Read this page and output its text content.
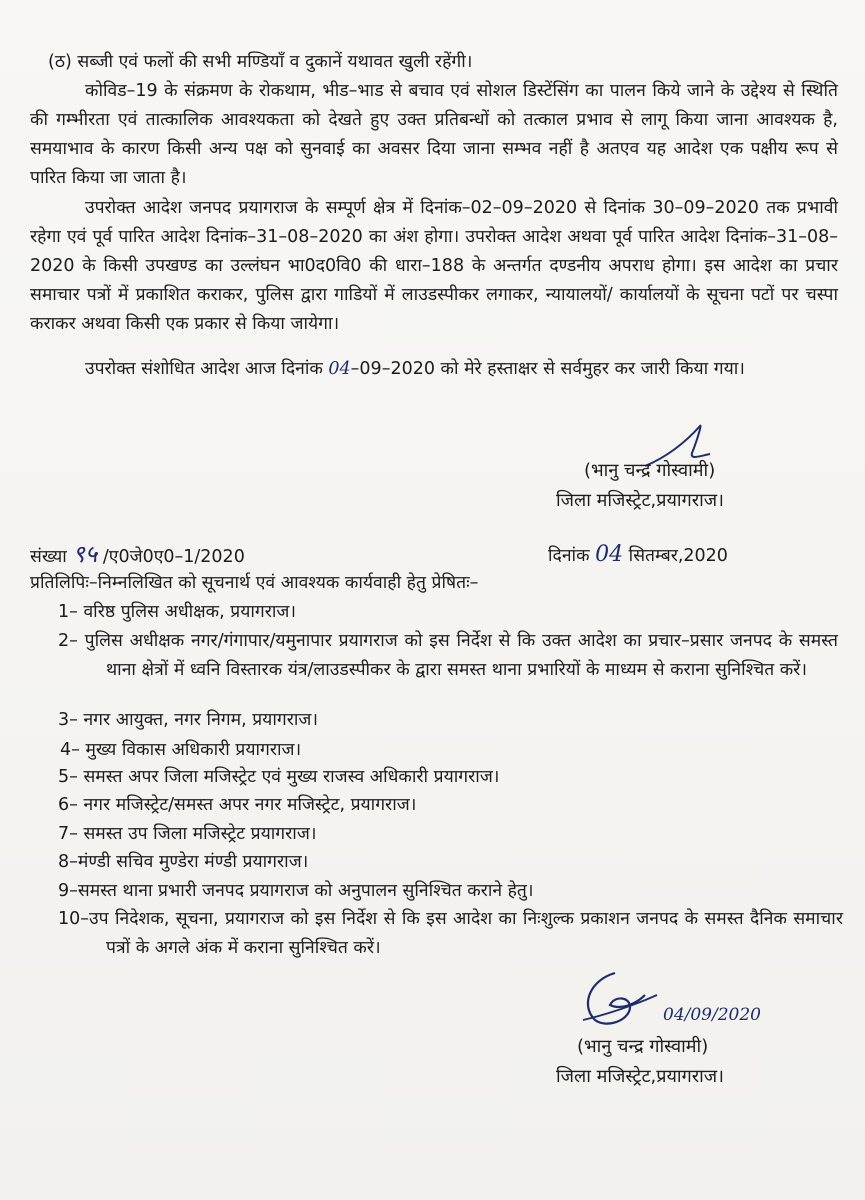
(ठ) सब्जी एवं फलों की सभी मण्डियॉं व दुकानें यथावत खुली रहेंगी।
कोविड–19 के संक्रमण के रोकथाम, भीड–भाड से बचाव एवं सोशल डिस्टेंसिंग का पालन किये जाने के उद्देश्य से स्थिति की गम्भीरता एवं तात्कालिक आवश्यकता को देखते हुए उक्त प्रतिबन्धों को तत्काल प्रभाव से लागू किया जाना आवश्यक है, समयाभाव के कारण किसी अन्य पक्ष को सुनवाई का अवसर दिया जाना सम्भव नहीं है अतएव यह आदेश एक पक्षीय रूप से पारित किया जा जाता है।
उपरोक्त आदेश जनपद प्रयागराज के सम्पूर्ण क्षेत्र में दिनांक–02–09–2020 से दिनांक 30–09–2020 तक प्रभावी रहेगा एवं पूर्व पारित आदेश दिनांक–31–08–2020 का अंश होगा। उपरोक्त आदेश अथवा पूर्व पारित आदेश दिनांक–31–08–2020 के किसी उपखण्ड का उल्लंघन भा0द0वि0 की धारा–188 के अन्तर्गत दण्डनीय अपराध होगा। इस आदेश का प्रचार समाचार पत्रों में प्रकाशित कराकर, पुलिस द्वारा गाडियों में लाउडस्पीकर लगाकर, न्यायालयों/ कार्यालयों के सूचना पटों पर चस्पा कराकर अथवा किसी एक प्रकार से किया जायेगा।
उपरोक्त संशोधित आदेश आज दिनांक 04–09–2020 को मेरे हस्ताक्षर से सर्वमुहर कर जारी किया गया।
(भानु चन्द्र गोस्वामी)
जिला मजिस्ट्रेट,प्रयागराज।
संख्या ९५ /ए0जे0ए0–1/2020	दिनांक 04 सितम्बर,2020
प्रतिलिपिः–निम्नलिखित को सूचनार्थ एवं आवश्यक कार्यवाही हेतु प्रेषितः–
1– वरिष्ठ पुलिस अधीक्षक, प्रयागराज।
2– पुलिस अधीक्षक नगर/गंगापार/यमुनापार प्रयागराज को इस निर्देश से कि उक्त आदेश का प्रचार–प्रसार जनपद के समस्त थाना क्षेत्रों में ध्वनि विस्तारक यंत्र/लाउडस्पीकर के द्वारा समस्त थाना प्रभारियों के माध्यम से कराना सुनिश्चित करें।
3– नगर आयुक्त, नगर निगम, प्रयागराज।
4– मुख्य विकास अधिकारी प्रयागराज।
5– समस्त अपर जिला मजिस्ट्रेट एवं मुख्य राजस्व अधिकारी प्रयागराज।
6– नगर मजिस्ट्रेट/समस्त अपर नगर मजिस्ट्रेट, प्रयागराज।
7– समस्त उप जिला मजिस्ट्रेट प्रयागराज।
8–मंण्डी सचिव मुण्डेरा मंण्डी प्रयागराज।
9–समस्त थाना प्रभारी जनपद प्रयागराज को अनुपालन सुनिश्चित कराने हेतु।
10–उप निदेशक, सूचना, प्रयागराज को इस निर्देश से कि इस आदेश का निःशुल्क प्रकाशन जनपद के समस्त दैनिक समाचार पत्रों के अगले अंक में कराना सुनिश्चित करें।
04/09/2020
(भानु चन्द्र गोस्वामी)
जिला मजिस्ट्रेट,प्रयागराज।
